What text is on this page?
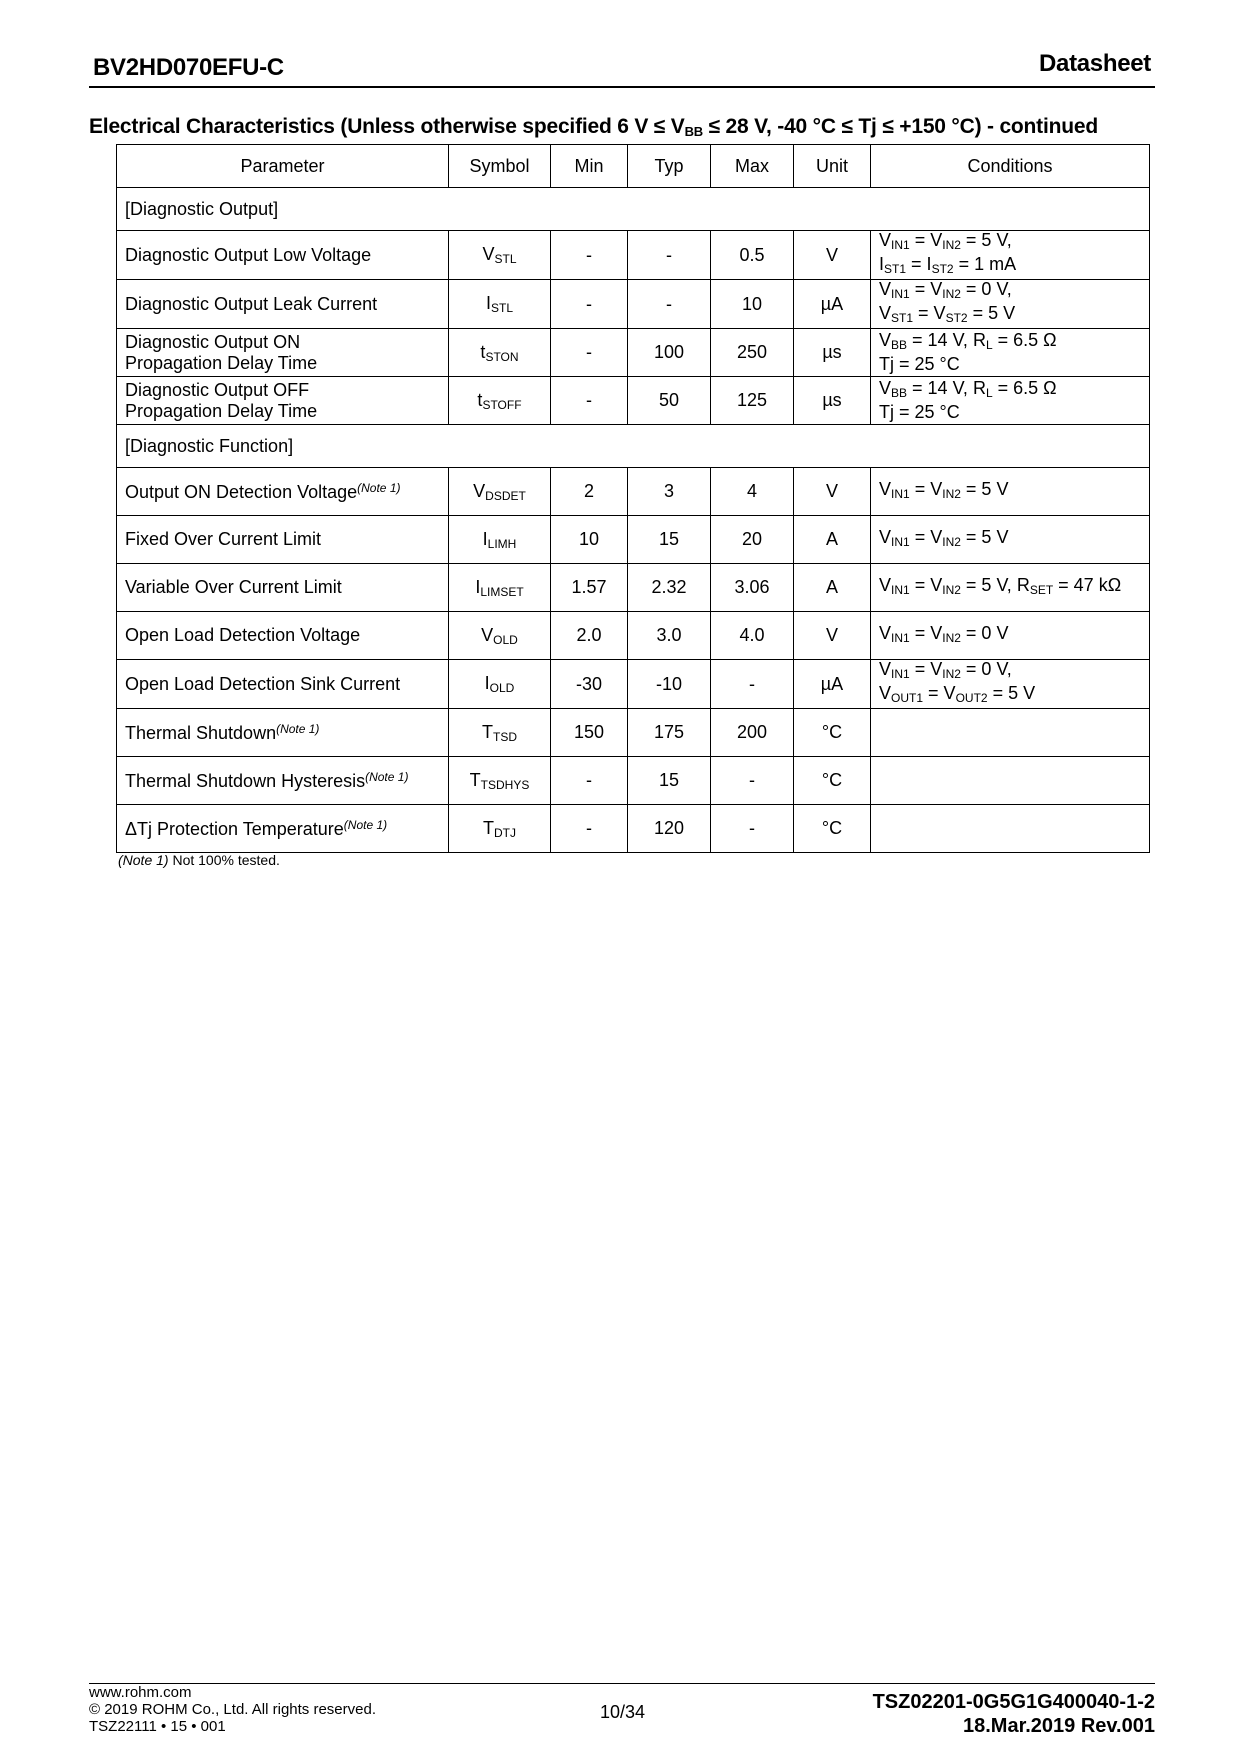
BV2HD070EFU-C	Datasheet
Electrical Characteristics (Unless otherwise specified 6 $V \le V_{BB} \le 28$ V, -40 °C ≤ Tj ≤ +150 °C) - continued
Parameter	Symbol	Min	Typ	Max	Unit	Conditions
[Diagnostic Output]						
Diagnostic Output Low Voltage	$V_{STL}$	-	-	0.5	V	$V_{IN1} = V_{IN2} = 5$ V,
$I_{ST1} = I_{ST2} = 1$ mA
Diagnostic Output Leak Current	$I_{STL}$	-	-	10	µA	$V_{IN1} = V_{IN2} = 0$ V,
$V_{ST1} = V_{ST2} = 5$ V
Diagnostic Output ON
Propagation Delay Time	$t_{STON}$	-	100	250	µs	$V_{BB} = 14$ V, $R_L = 6.5$ Ω
Tj = 25 °C
Diagnostic Output OFF
Propagation Delay Time	$t_{STOFF}$	-	50	125	µs	$V_{BB} = 14$ V, $R_L = 6.5$ Ω
Tj = 25 °C
[Diagnostic Function]						
Output ON Detection Voltage$^{(Note 1)}$	$V_{DSDET}$	2	3	4	V	$V_{IN1} = V_{IN2} = 5$ V
Fixed Over Current Limit	$I_{LIMH}$	10	15	20	A	$V_{IN1} = V_{IN2} = 5$ V
Variable Over Current Limit	$I_{LIMSET}$	1.57	2.32	3.06	A	$V_{IN1} = V_{IN2} = 5$ V, $R_{SET} = 47$ kΩ
Open Load Detection Voltage	$V_{OLD}$	2.0	3.0	4.0	V	$V_{IN1} = V_{IN2} = 0$ V
Open Load Detection Sink Current	$I_{OLD}$	-30	-10	-	µA	$V_{IN1} = V_{IN2} = 0$ V,
$V_{OUT1} = V_{OUT2} = 5$ V
Thermal Shutdown$^{(Note 1)}$	$T_{TSD}$	150	175	200	°C	
Thermal Shutdown Hysteresis$^{(Note 1)}$	$T_{TSDHYS}$	-	15	-	°C	
ΔTj Protection Temperature$^{(Note 1)}$	$T_{DTJ}$	-	120	-	°C	
(Note 1) Not 100% tested.
www.rohm.com
© 2019 ROHM Co., Ltd. All rights reserved.
TSZ22111 • 15 • 001
10/34	TSZ02201-0G5G1G400040-1-2
18.Mar.2019 Rev.001
